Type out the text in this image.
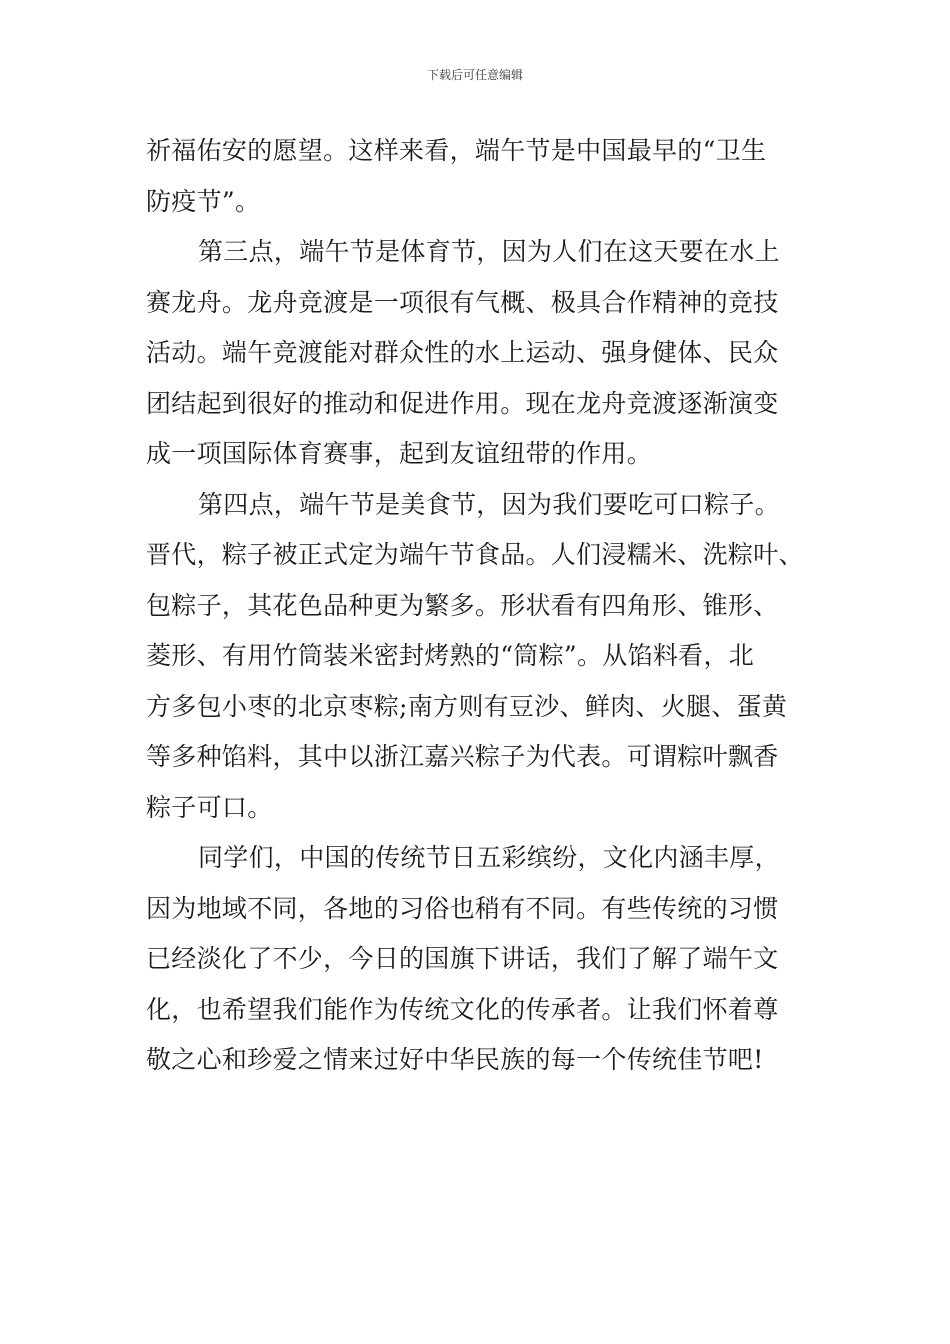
下载后可任意编辑
祈福佑安的愿望。这样来看，端午节是中国最早的“卫生
防疫节”。
第三点，端午节是体育节，因为人们在这天要在水上
赛龙舟。龙舟竞渡是一项很有气概、极具合作精神的竞技
活动。端午竞渡能对群众性的水上运动、强身健体、民众
团结起到很好的推动和促进作用。现在龙舟竞渡逐渐演变
成一项国际体育赛事，起到友谊纽带的作用。
第四点，端午节是美食节，因为我们要吃可口粽子。
晋代，粽子被正式定为端午节食品。人们浸糯米、洗粽叶、
包粽子，其花色品种更为繁多。形状看有四角形、锥形、
菱形、有用竹筒装米密封烤熟的“筒粽”。从馅料看，北
方多包小枣的北京枣粽;南方则有豆沙、鲜肉、火腿、蛋黄
等多种馅料，其中以浙江嘉兴粽子为代表。可谓粽叶飘香
粽子可口。
同学们，中国的传统节日五彩缤纷，文化内涵丰厚，
因为地域不同，各地的习俗也稍有不同。有些传统的习惯
已经淡化了不少，今日的国旗下讲话，我们了解了端午文
化，也希望我们能作为传统文化的传承者。让我们怀着尊
敬之心和珍爱之情来过好中华民族的每一个传统佳节吧!
